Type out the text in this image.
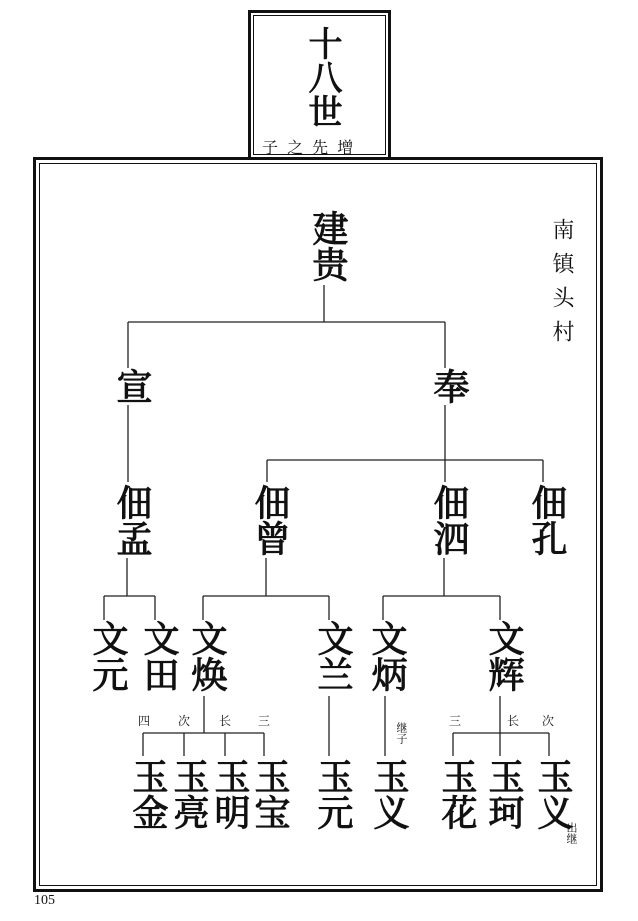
十八世
子 之 先 增
南镇头村
建贵
宣	奉
佃孟	佃曾	佃泗 佃孔
文元 文田 文焕 文兰 文炳 文辉
玉金 玉亮 玉明
玉宝 玉元 玉义 玉花 玉珂 玉义
四 次 长 三	三	长 次
继子
出继
105
